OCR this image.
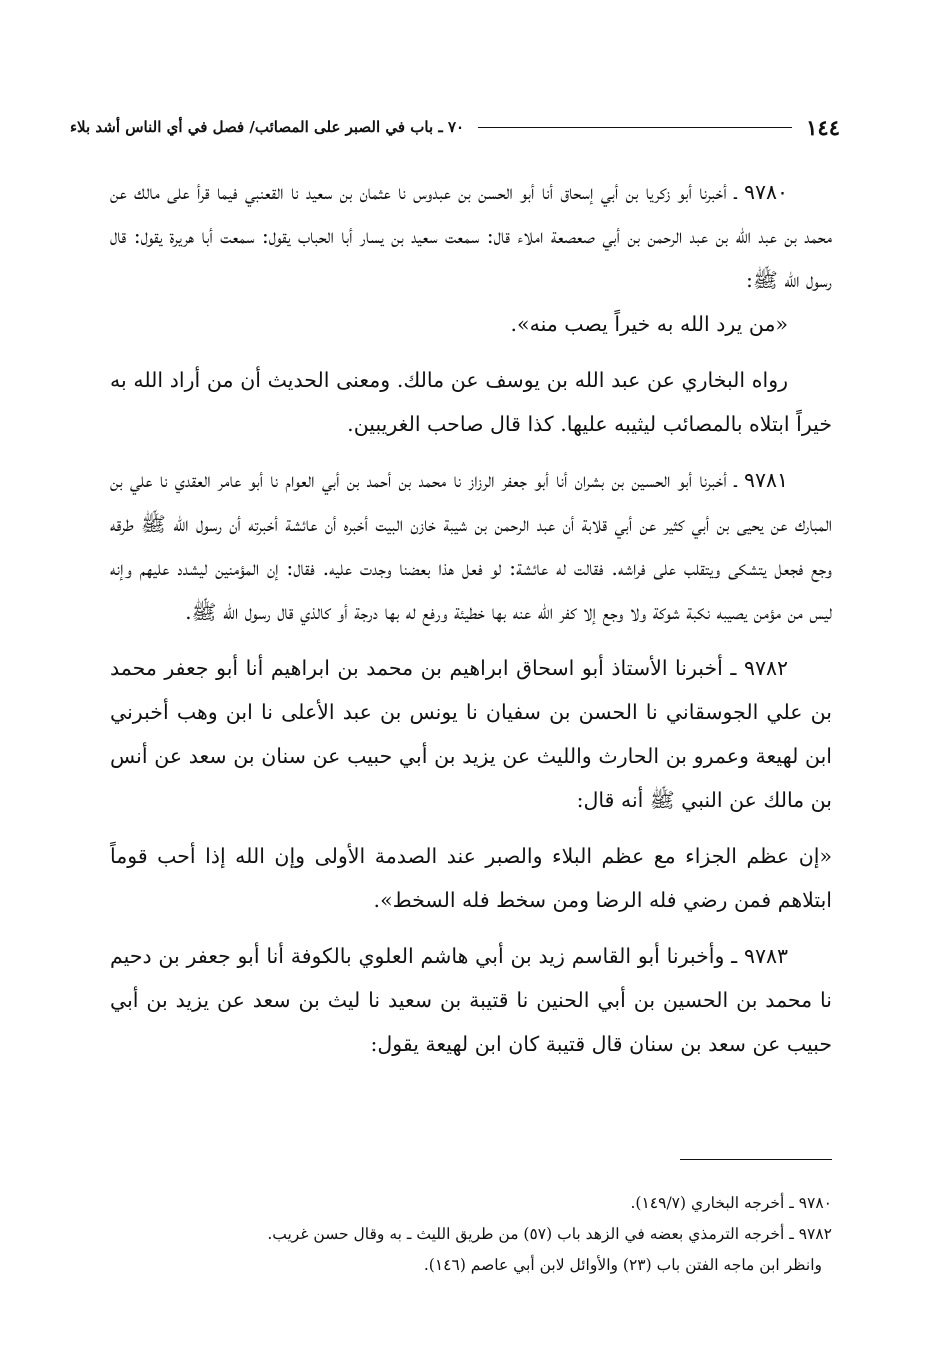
١٤٤
٧٠ ـ باب في الصبر على المصائب/ فصل في أي الناس أشد بلاء

٩٧٨٠ ـ أخبرنا أبو زكريا بن أبي إسحاق أنا أبو الحسن بن عبدوس نا عثمان بن سعيد نا القعنبي فيما قرأ على مالك عن محمد بن عبد الله بن عبد الرحمن بن أبي صعصعة املاء قال: سمعت سعيد بن يسار أبا الحباب يقول: سمعت أبا هريرة يقول: قال رسول الله ﷺ:

«من يرد الله به خيراً يصب منه».

رواه البخاري عن عبد الله بن يوسف عن مالك. ومعنى الحديث أن من أراد الله به خيراً ابتلاه بالمصائب ليثيبه عليها. كذا قال صاحب الغريبين.

٩٧٨١ ـ أخبرنا أبو الحسين بن بشران أنا أبو جعفر الرزاز نا محمد بن أحمد بن أبي العوام نا أبو عامر العقدي نا علي بن المبارك عن يحيى بن أبي كثير عن أبي قلابة أن عبد الرحمن بن شيبة خازن البيت أخبره أن عائشة أخبرته أن رسول الله ﷺ طرقه وجع فجعل يتشكى ويتقلب على فراشه. فقالت له عائشة: لو فعل هذا بعضنا وجدت عليه. فقال: إن المؤمنين ليشدد عليهم وإنه ليس من مؤمن يصيبه نكبة شوكة ولا وجع إلا كفر الله عنه بها خطيئة ورفع له بها درجة أو كالذي قال رسول الله ﷺ.

٩٧٨٢ ـ أخبرنا الأستاذ أبو اسحاق ابراهيم بن محمد بن ابراهيم أنا أبو جعفر محمد بن علي الجوسقاني نا الحسن بن سفيان نا يونس بن عبد الأعلى نا ابن وهب أخبرني ابن لهيعة وعمرو بن الحارث والليث عن يزيد بن أبي حبيب عن سنان بن سعد عن أنس بن مالك عن النبي ﷺ أنه قال:

«إن عظم الجزاء مع عظم البلاء والصبر عند الصدمة الأولى وإن الله إذا أحب قوماً ابتلاهم فمن رضي فله الرضا ومن سخط فله السخط».

٩٧٨٣ ـ وأخبرنا أبو القاسم زيد بن أبي هاشم العلوي بالكوفة أنا أبو جعفر بن دحيم نا محمد بن الحسين بن أبي الحنين نا قتيبة بن سعيد نا ليث بن سعد عن يزيد بن أبي حبيب عن سعد بن سنان قال قتيبة كان ابن لهيعة يقول:

٩٧٨٠ ـ أخرجه البخاري (١٤٩/٧).

٩٧٨٢ ـ أخرجه الترمذي بعضه في الزهد باب (٥٧) من طريق الليث ـ به وقال حسن غريب.

وانظر ابن ماجه الفتن باب (٢٣) والأوائل لابن أبي عاصم (١٤٦).
